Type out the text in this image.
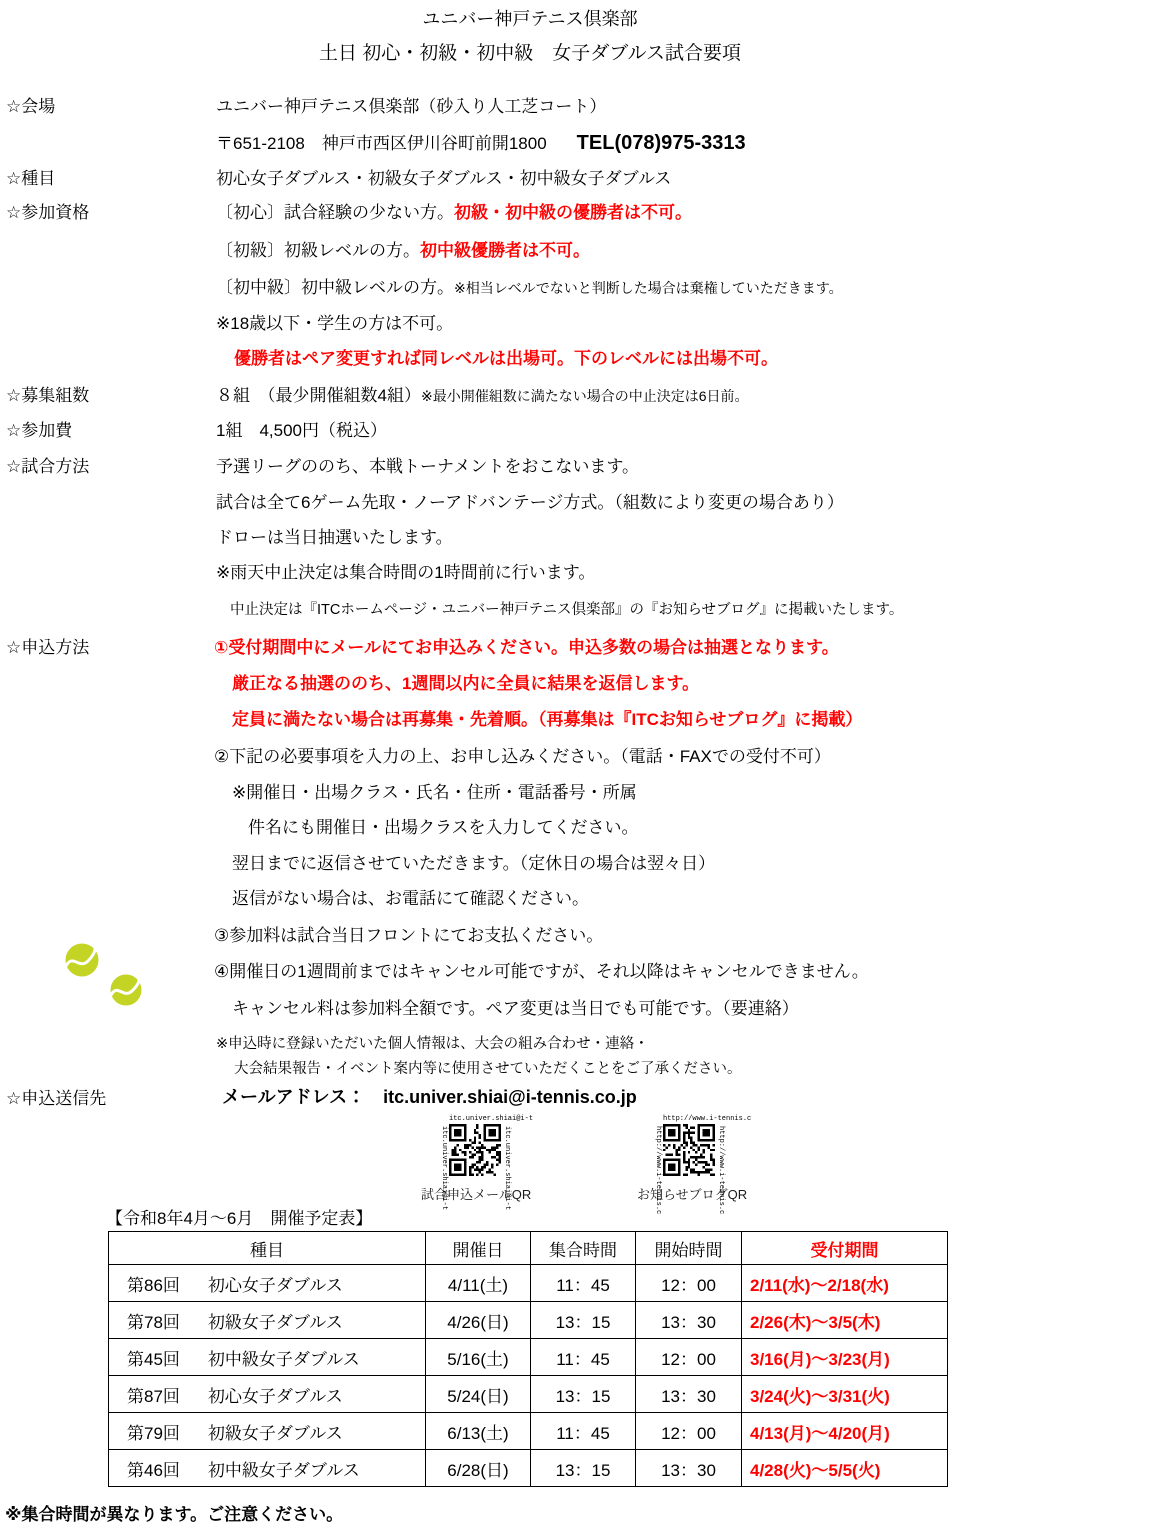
ユニバー神戸テニス倶楽部
土日 初心・初級・初中級　女子ダブルス試合要項
☆会場	ユニバー神戸テニス倶楽部（砂入り人工芝コート）
〒651-2108　神戸市西区伊川谷町前開1800 TEL(078)975-3313
☆種目	初心女子ダブルス・初級女子ダブルス・初中級女子ダブルス
☆参加資格	〔初心〕試合経験の少ない方。初級・初中級の優勝者は不可。
〔初級〕初級レベルの方。初中級優勝者は不可。
〔初中級〕初中級レベルの方。※相当レベルでないと判断した場合は棄権していただきます。
※18歳以下・学生の方は不可。
優勝者はペア変更すれば同レベルは出場可。下のレベルには出場不可。
☆募集組数	８組　（最少開催組数4組）※最小開催組数に満たない場合の中止決定は6日前。
☆参加費	1組　4,500円（税込）
☆試合方法	予選リーグののち、本戦トーナメントをおこないます。
試合は全て6ゲーム先取・ノーアドバンテージ方式。（組数により変更の場合あり）
ドローは当日抽選いたします。
※雨天中止決定は集合時間の1時間前に行います。
中止決定は『ITCホームページ・ユニバー神戸テニス倶楽部』の『お知らせブログ』に掲載いたします。
☆申込方法	①受付期間中にメールにてお申込みください。申込多数の場合は抽選となります。
厳正なる抽選ののち、1週間以内に全員に結果を返信します。
定員に満たない場合は再募集・先着順。（再募集は『ITCお知らせブログ』に掲載）
②下記の必要事項を入力の上、お申し込みください。（電話・FAXでの受付不可）
※開催日・出場クラス・氏名・住所・電話番号・所属
件名にも開催日・出場クラスを入力してください。
翌日までに返信させていただきます。（定休日の場合は翌々日）
返信がない場合は、お電話にて確認ください。
③参加料は試合当日フロントにてお支払ください。
④開催日の1週間前まではキャンセル可能ですが、それ以降はキャンセルできません。
キャンセル料は参加料全額です。ペア変更は当日でも可能です。（要連絡）
※申込時に登録いただいた個人情報は、大会の組み合わせ・連絡・
大会結果報告・イベント案内等に使用させていただくことをご了承ください。
☆申込送信先	メールアドレス： itc.univer.shiai@i-tennis.co.jp
itc.univer.shiai@i-t
itc.univer.shiai@i-t	itc.univer.shiai@i-t
試合申込メールQR
http://www.i-tennis.c
http://www.i-tennis.c	http://www.i-tennis.c
お知らせブログQR
【令和8年4月～6月　開催予定表】
種目	開催日	集合時間	開始時間	受付期間
第86回 初心女子ダブルス	4/11(土)	11：45	12：00	2/11(水)～2/18(水)
第78回 初級女子ダブルス	4/26(日)	13：15	13：30	2/26(木)～3/5(木)
第45回 初中級女子ダブルス	5/16(土)	11：45	12：00	3/16(月)～3/23(月)
第87回 初心女子ダブルス	5/24(日)	13：15	13：30	3/24(火)～3/31(火)
第79回 初級女子ダブルス	6/13(土)	11：45	12：00	4/13(月)～4/20(月)
第46回 初中級女子ダブルス	6/28(日)	13：15	13：30	4/28(火)～5/5(火)
※集合時間が異なります。ご注意ください。
